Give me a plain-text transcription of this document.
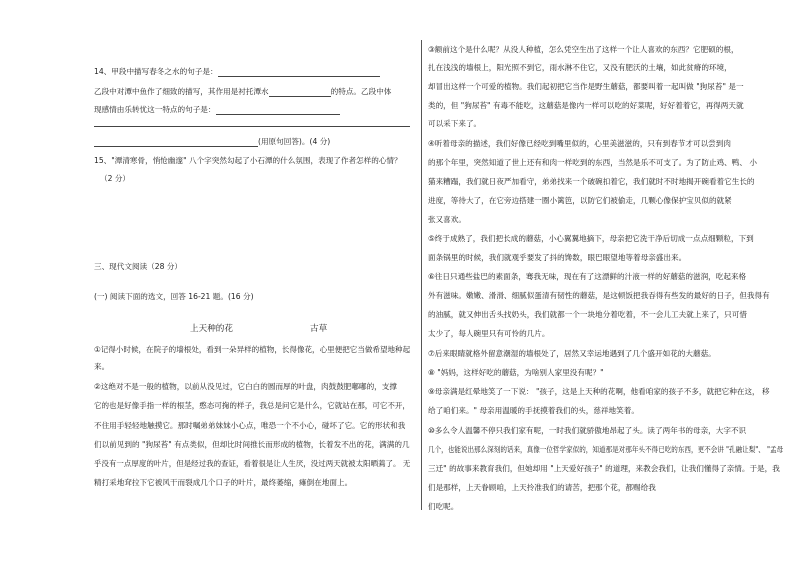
14、甲段中描写春冬之水的句子是：
乙段中对潭中鱼作了细致的描写，其作用是衬托潭水	的特点。乙段中体
现感情由乐转忧这一特点的句子是：
(用原句回答)。(4 分)
15、"潭清寒骨，悄怆幽邃" 八个字突然勾起了小石潭的什么氛围，表现了作者怎样的心情？
（2 分）
三、现代文阅读（28 分）
(一) 阅读下面的选文，回答 16-21 题。(16 分)
上天种的花	古草
①记得小时候，在院子的墙根处，看到一朵异样的植物，长得像花，心里便把它当做希望地种起
来。
②这绝对不是一般的植物，以前从没见过，它白白的圆而厚的叶盘，肉鼓鼓肥嘟嘟的，支撑
它的也是好像手指一样的根茎，憨态可掬的样子，我总是问它是什么，它就站在那，可它不开，
不住用手轻轻地触摸它。那时嘱弟弟妹妹小心点，唯恐一个不小心，碰坏了它。它的形状和我
们以前见到的 "狗尿苔" 有点类似，但却比时间推长而形成的植物，长着发不出的花，满满的几
乎没有一点厚度的叶片，但是经过我的查证，看着很是让人生厌，没过两天就被太阳晒蔫了。 无
精打采地耷拉下它被风干而裂成几个口子的叶片，最终萎缩，瘫倒在地面上。
③额前这个是什么呢？从没人种植，怎么凭空生出了这样一个让人喜欢的东西？它肥硕的根，
扎在浅浅的墙根上，阳光照不到它，雨水淋不住它，又没有肥沃的土壤，如此贫瘠的环境，
却冒出这样一个可爱的植物。我们起初把它当作是野生蘑菇，都要叫着一起叫做 "狗尿苔" 是一
类的，但 "狗尿苔" 有毒不能吃，这蘑菇是像内一样可以吃的好菜呢，好好着着它，再得两天就
可以采下来了。
④听着母亲的描述，我们好像已经吃到嘴里似的，心里美滋滋的，只有到春节才可以尝到肉
的那个年里，突然知道了世上还有和肉一样吃到的东西，当然是乐不可支了。为了防止鸡、鸭、 小
猫来糟蹋，我们就日夜严加看守，弟弟找来一个破碗扣着它，我们就时不时地揭开碗看着它生长的
进度，等待大了，在它旁边搭建一圈小篱笆，以防它们被偷走，几颗心像保护宝贝似的就紧
张又喜欢。
⑤终于成熟了，我们把长成的蘑菇，小心翼翼地摘下，母亲把它洗干净后切成一点点细颗粒，下到
面条锅里的时候，我们就观乎要发了抖的馋数，眼巴眼望地等着母亲盛出来。
⑥往日只通些盐巴的素面条，骞我无味，现在有了这漂鲜的汁液一样的好蘑菇的滋润，吃起来格
外有滋味。嫩嫩、滑滑、细腻似蛋清有韧性的蘑菇，是这顿饭把我吞得有些发的最好的日子，但我得有
的油腻，就又伸出舌头找奶头，我们就都一个一块地分着吃着，不一会儿工夫就上来了，只可惜
太少了，每人碗里只有可怜的几片。
⑦后来眼睛就格外留意潮湿的墙根处了，居然又幸运地遇到了几个盛开如花的大蘑菇。
⑧ "妈妈，这样好吃的蘑菇，为啥别人家里没有呢？"
⑨母亲满是红晕地笑了一下说： "孩子，这是上天种的花啊，他看咱家的孩子不多，就把它种在这， 移
给了咱们来。" 母亲用温暖的手抚摸着我们的头，慈祥地笑着。
⑩多么令人温馨不停只我们家有呢，一时我们就骄傲地昂起了头。读了两年书的母亲，大字不识
几个，也能说出那么深刻的话来，真像一位哲学家似的，知道那是对那年头不得已吃的东西，更不会讲 "孔融让梨"、 "孟母
三迁" 的故事来教育我们，但她却用 "上天爱好孩子" 的道理，来教会我们，让我们懂得了亲情。于是，我
们是那样，上天眷顾咱，上天拎准我们的请苦，把那个花，都赐给我
们吃呢。
